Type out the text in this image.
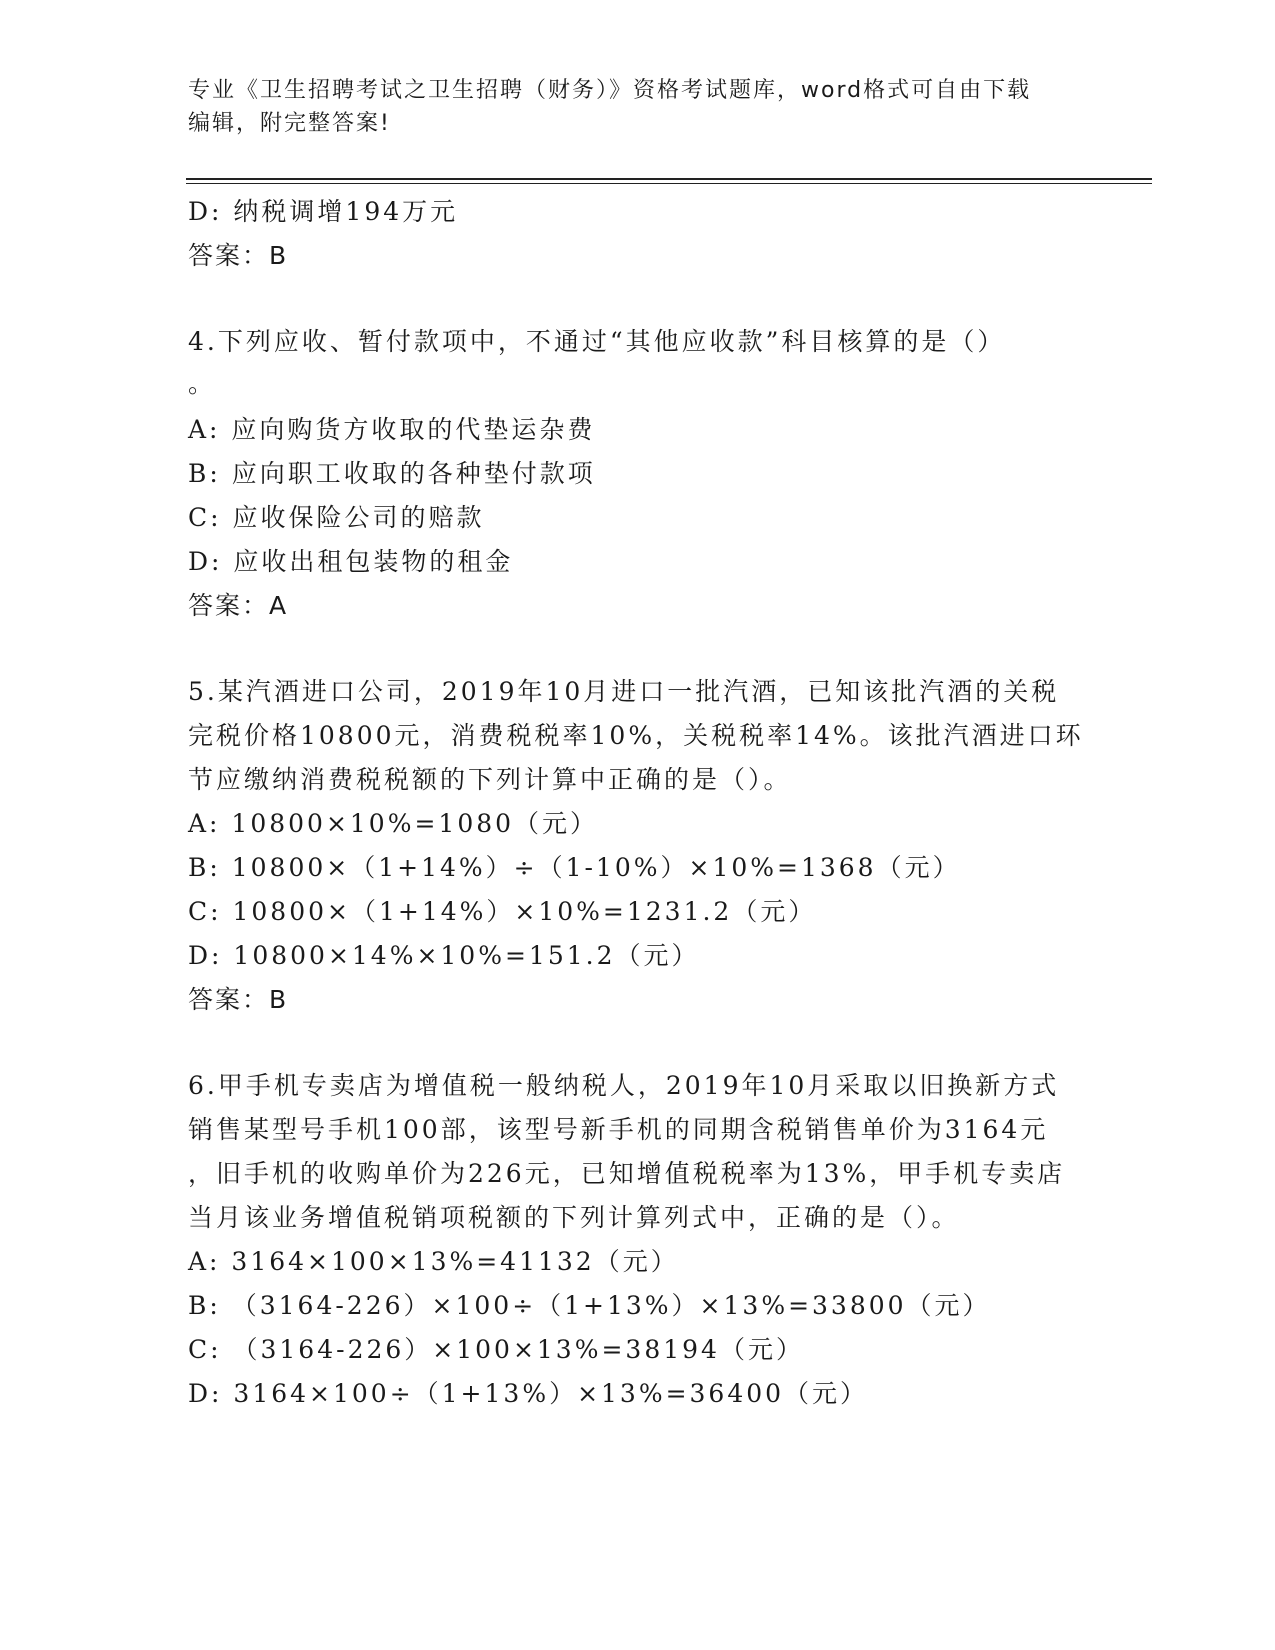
专业《卫生招聘考试之卫生招聘（财务）》资格考试题库，word格式可自由下载
编辑，附完整答案!
D: 纳税调增194万元
答案：B
4.下列应收、暂付款项中，不通过“其他应收款”科目核算的是（）
。
A: 应向购货方收取的代垫运杂费
B: 应向职工收取的各种垫付款项
C: 应收保险公司的赔款
D: 应收出租包装物的租金
答案：A
5.某汽酒进口公司，2019年10月进口一批汽酒，已知该批汽酒的关税
完税价格10800元，消费税税率10%，关税税率14%。该批汽酒进口环
节应缴纳消费税税额的下列计算中正确的是（）。
A: 10800×10%=1080（元）
B: 10800×（1+14%）÷（1-10%）×10%=1368（元）
C: 10800×（1+14%）×10%=1231.2（元）
D: 10800×14%×10%=151.2（元）
答案：B
6.甲手机专卖店为增值税一般纳税人，2019年10月采取以旧换新方式
销售某型号手机100部，该型号新手机的同期含税销售单价为3164元
，旧手机的收购单价为226元，已知增值税税率为13%，甲手机专卖店
当月该业务增值税销项税额的下列计算列式中，正确的是（）。
A: 3164×100×13%=41132（元）
B: （3164-226）×100÷（1+13%）×13%=33800（元）
C: （3164-226）×100×13%=38194（元）
D: 3164×100÷（1+13%）×13%=36400（元）
